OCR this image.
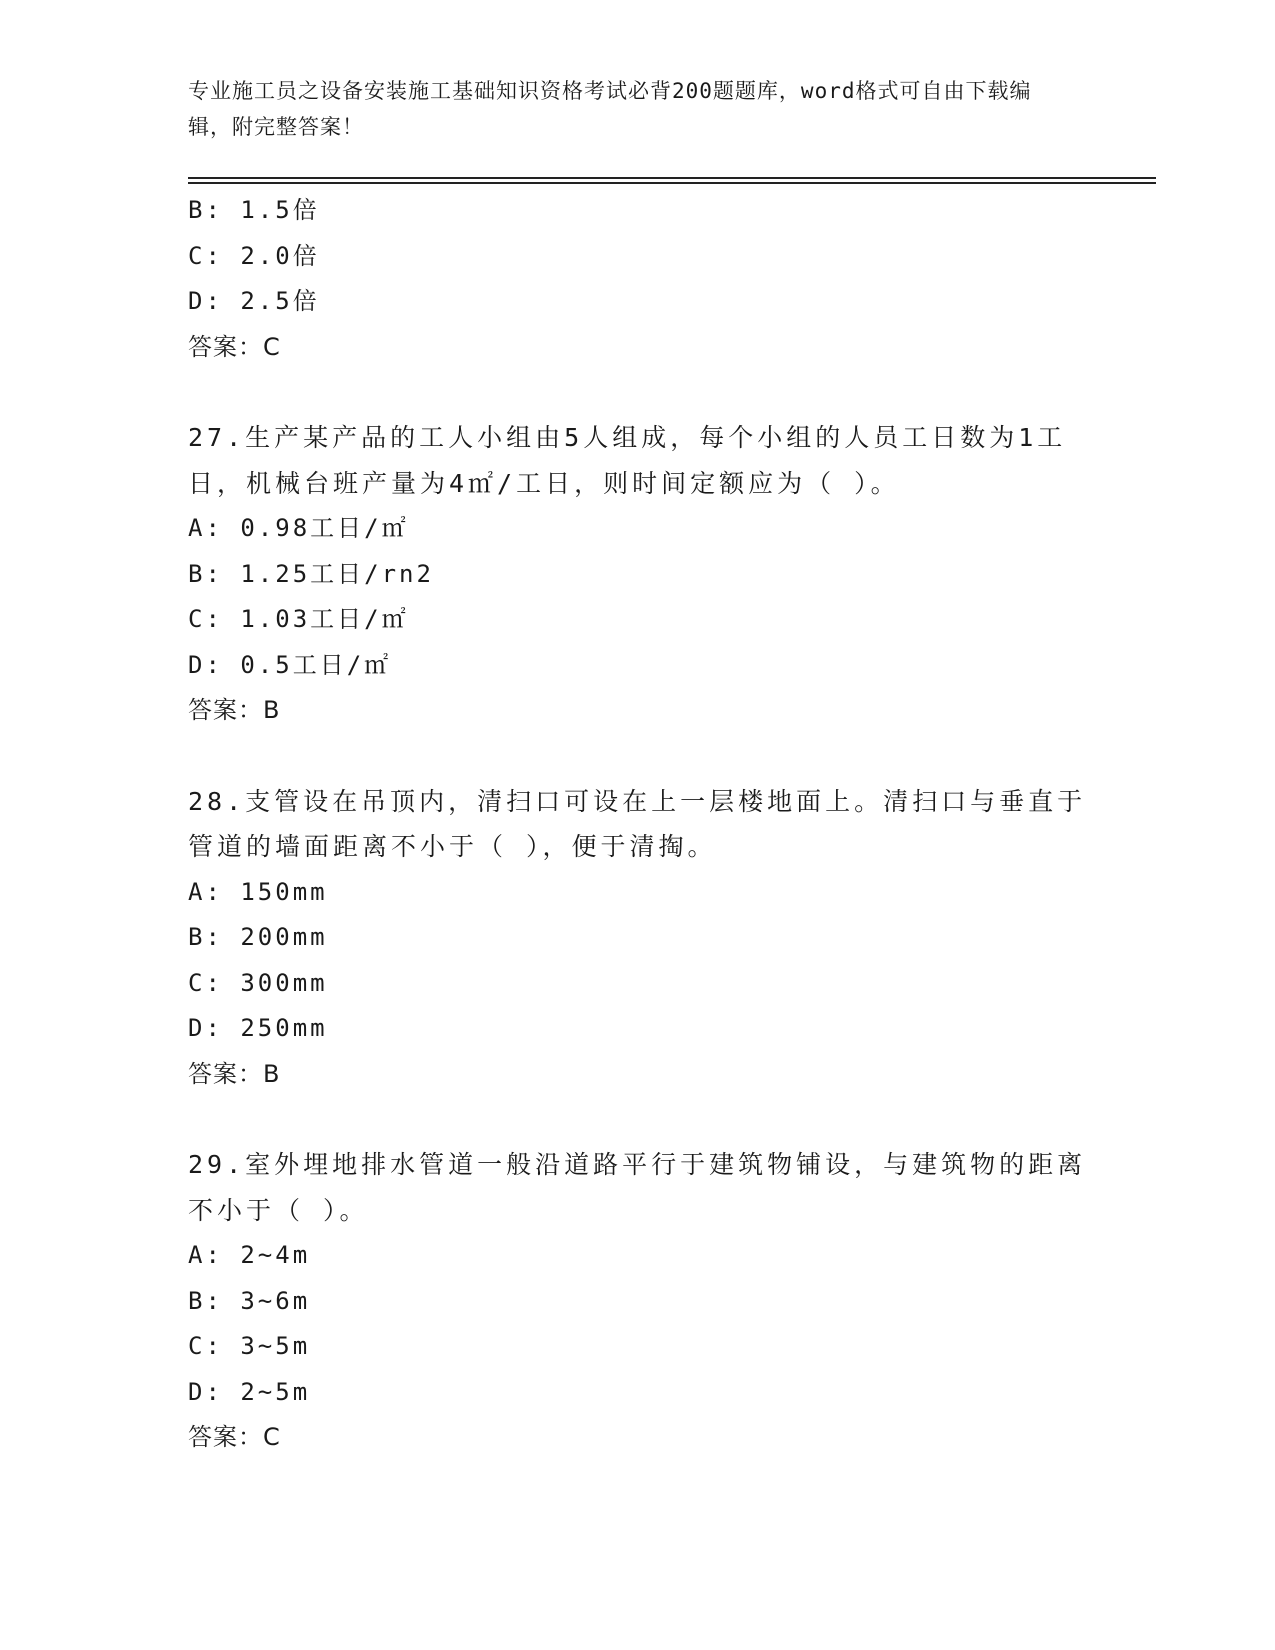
专业施工员之设备安装施工基础知识资格考试必背200题题库，word格式可自由下载编辑，附完整答案！
B: 1.5倍
C: 2.0倍
D: 2.5倍
答案：C
27.生产某产品的工人小组由5人组成，每个小组的人员工日数为1工日，机械台班产量为4㎡/工日，则时间定额应为（ ）。
A: 0.98工日/㎡
B: 1.25工日/rn2
C: 1.03工日/㎡
D: 0.5工日/㎡
答案：B
28.支管设在吊顶内，清扫口可设在上一层楼地面上。清扫口与垂直于管道的墙面距离不小于（ ），便于清掏。
A: 150mm
B: 200mm
C: 300mm
D: 250mm
答案：B
29.室外埋地排水管道一般沿道路平行于建筑物铺设，与建筑物的距离不小于（ ）。
A: 2~4m
B: 3~6m
C: 3~5m
D: 2~5m
答案：C
